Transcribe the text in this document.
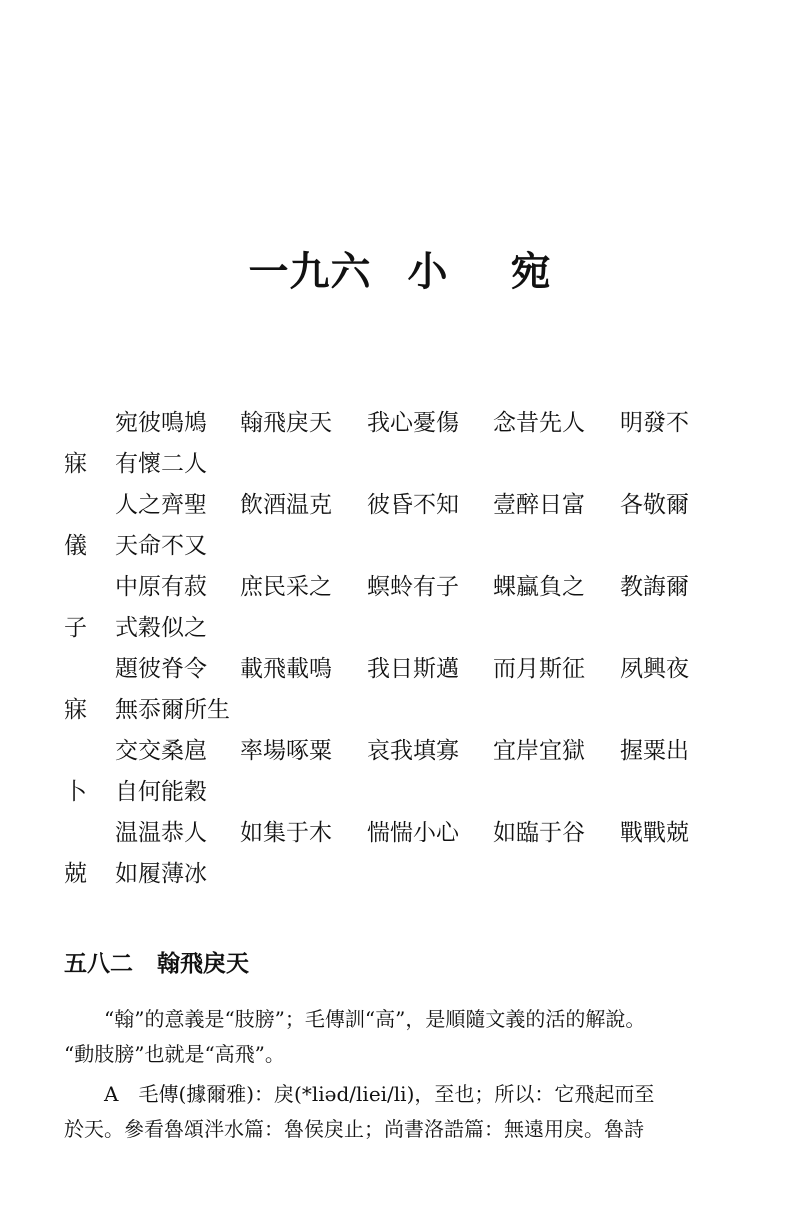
一九六 小 宛
宛彼鳴鳩 翰飛戾天 我心憂傷 念昔先人 明發不
寐 有懷二人
人之齊聖 飲酒温克 彼昏不知 壹醉日富 各敬爾
儀 天命不又
中原有菽 庶民采之 螟蛉有子 蜾蠃負之 教誨爾
子 式穀似之
題彼脊令 載飛載鳴 我日斯邁 而月斯征 夙興夜
寐 無忝爾所生
交交桑扈 率場啄粟 哀我填寡 宜岸宜獄 握粟出
卜 自何能穀
温温恭人 如集于木 惴惴小心 如臨于谷 戰戰兢
兢 如履薄冰
五八二 翰飛戾天

“翰”的意義是“肢膀”；毛傳訓“高”，是順隨文義的活的解說。
“動肢膀”也就是“高飛”。

A　毛傳(據爾雅)：戾(*liəd/liei/li)，至也；所以：它飛起而至
於天。參看魯頌泮水篇：魯侯戾止；尚書洛誥篇：無遠用戾。魯詩
